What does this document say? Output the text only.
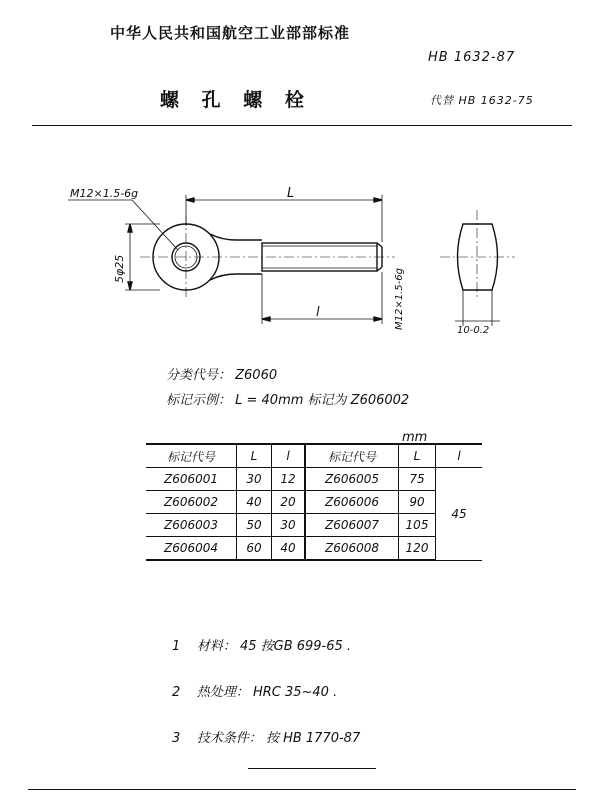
中华人民共和国航空工业部部标准
HB 1632-87
螺 孔 螺 栓	代替 HB 1632-75
M12×1.5-6g	L
l
5φ25	M12×1.5-6g
10-0.2
分类代号： Z6060
标记示例： L = 40mm 标记为 Z606002
mm
标记代号	L	l	标记代号	L	l
Z606001	30	12	Z606005	75	45
Z606002	40	20	Z606006	90	
Z606003	50	30	Z606007	105	
Z606004	60	40	Z606008	120	
1 材料： 45 按GB 699-65 .
2 热处理： HRC 35~40 .
3 技术条件： 按 HB 1770-87
